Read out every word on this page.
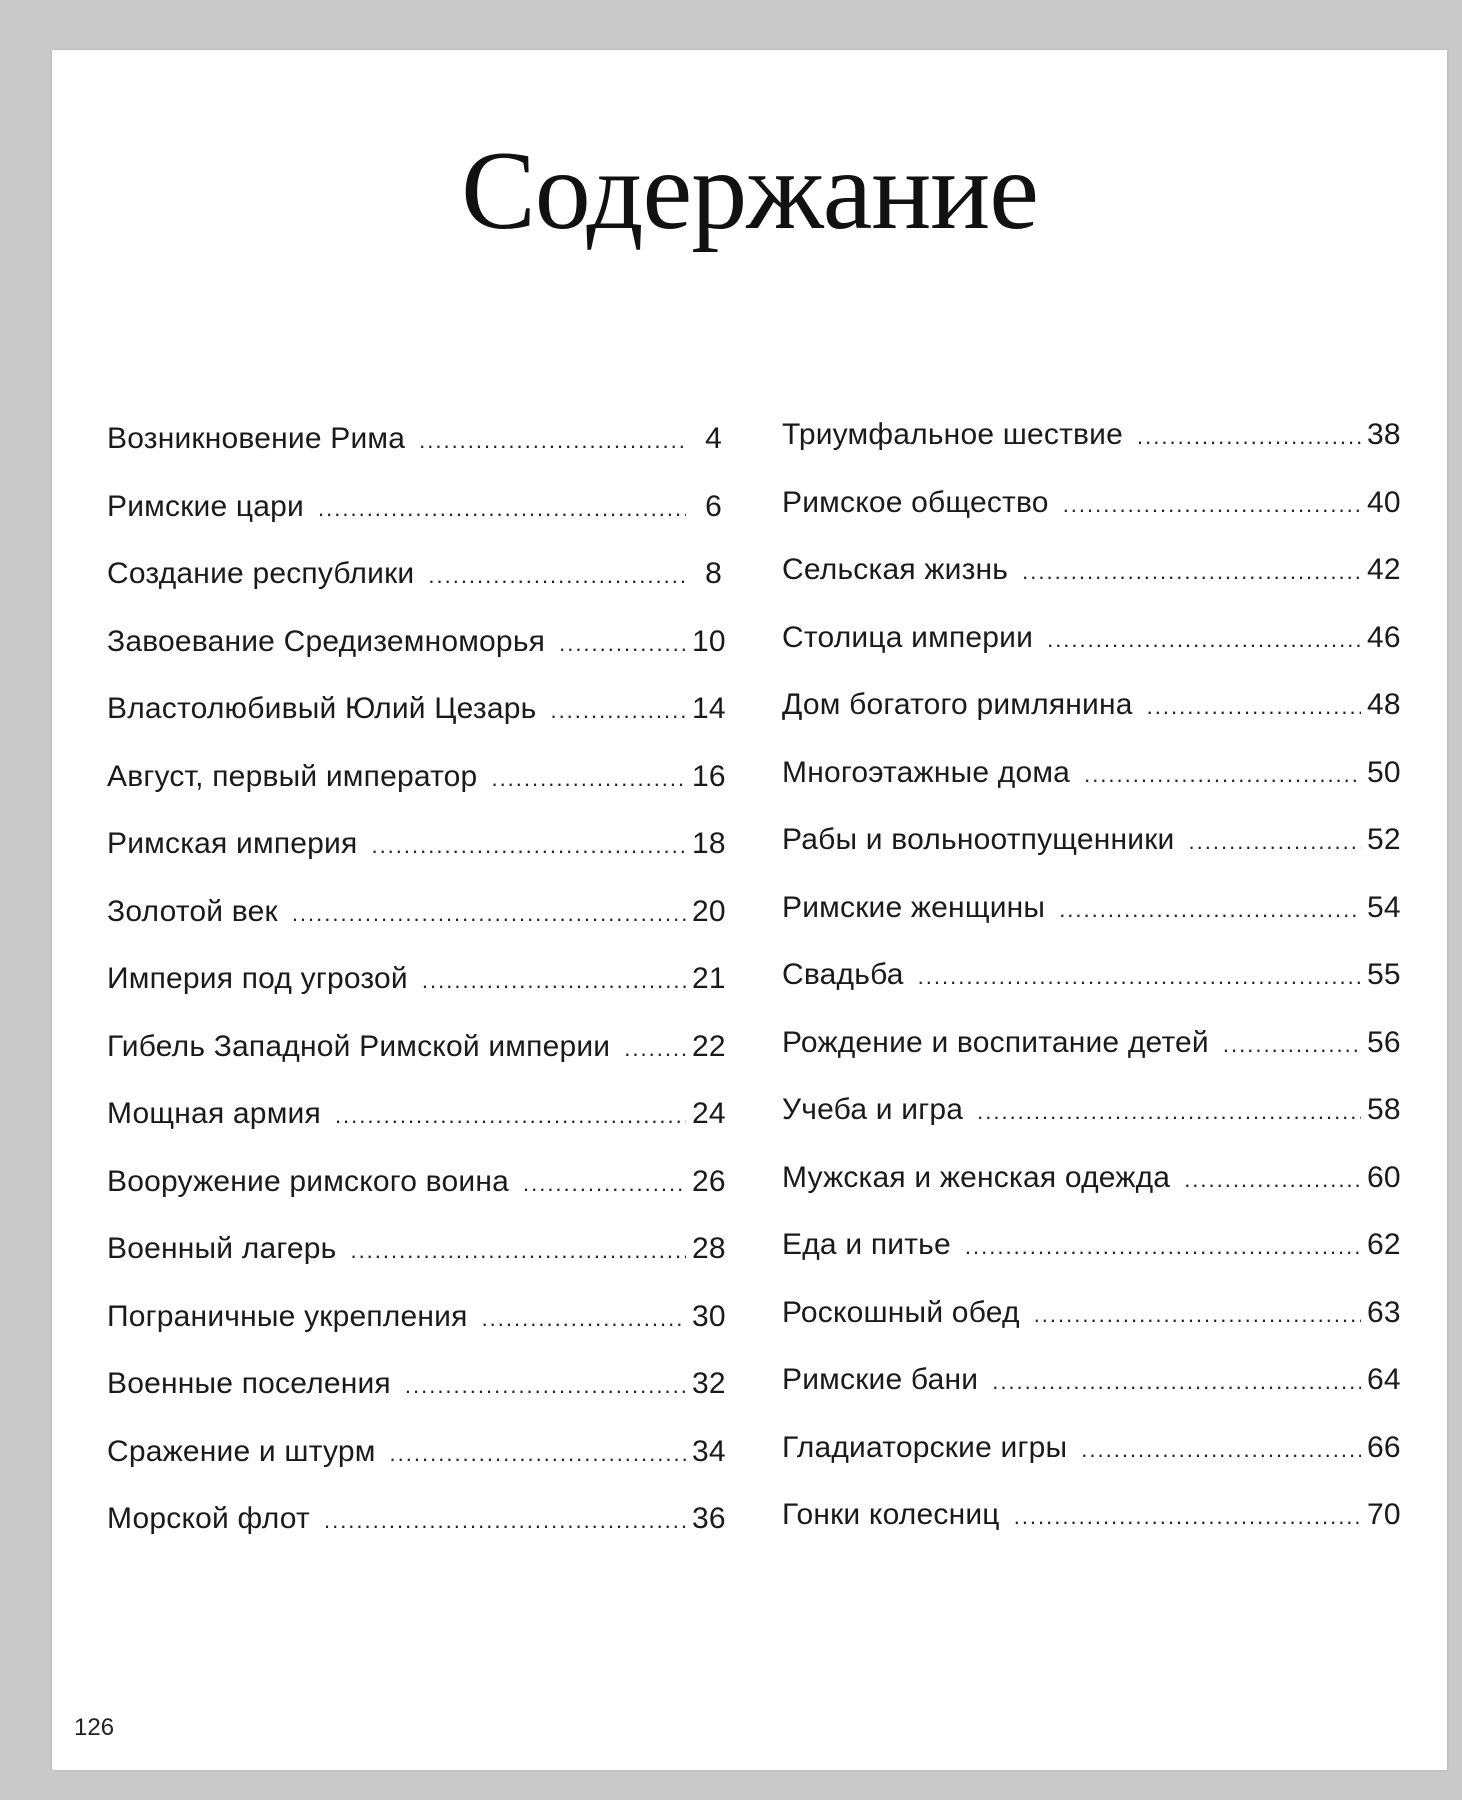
Содержание
Возникновение Рима .....	4
Римские цари .....	6
Создание республики .....	8
Завоевание Средиземноморья .....	10
Властолюбивый Юлий Цезарь .....	14
Август, первый император .....	16
Римская империя .....	18
Золотой век .....	20
Империя под угрозой .....	21
Гибель Западной Римской империи .....	22
Мощная армия .....	24
Вооружение римского воина .....	26
Военный лагерь .....	28
Пограничные укрепления .....	30
Военные поселения .....	32
Сражение и штурм .....	34
Морской флот .....	36
Триумфальное шествие .....	38
Римское общество .....	40
Сельская жизнь .....	42
Столица империи .....	46
Дом богатого римлянина .....	48
Многоэтажные дома .....	50
Рабы и вольноотпущенники .....	52
Римские женщины .....	54
Свадьба .....	55
Рождение и воспитание детей .....	56
Учеба и игра .....	58
Мужская и женская одежда .....	60
Еда и питье .....	62
Роскошный обед .....	63
Римские бани .....	64
Гладиаторские игры .....	66
Гонки колесниц .....	70
126
